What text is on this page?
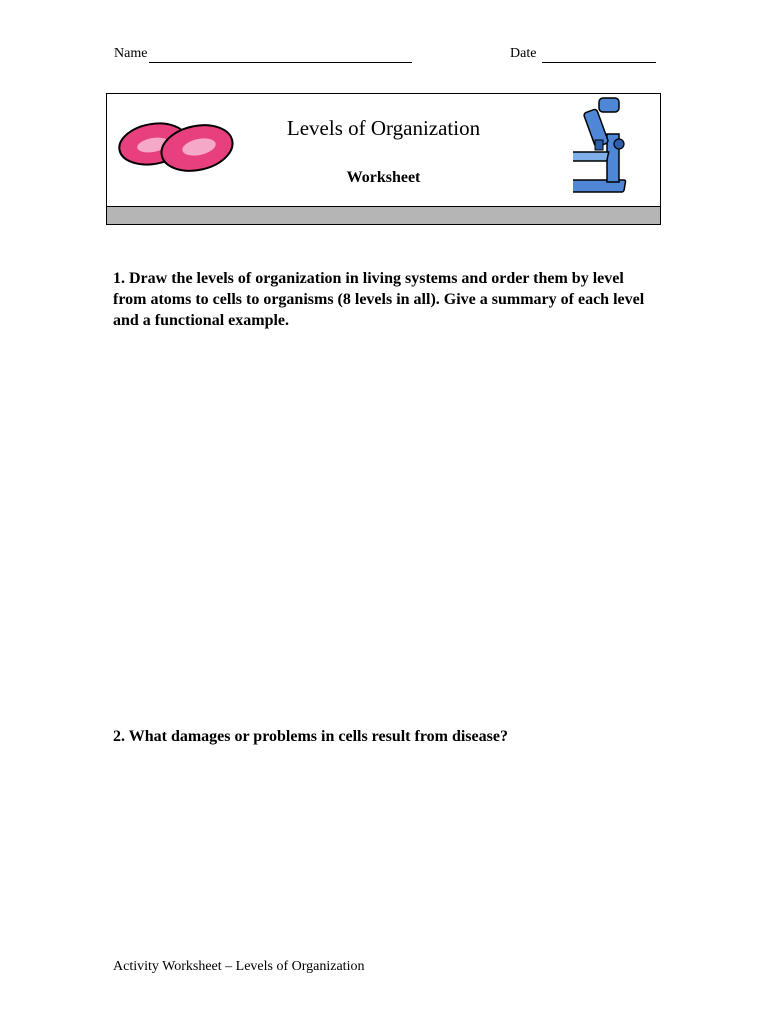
Name	Date
Levels of Organization
Worksheet
1. Draw the levels of organization in living systems and order them by level from atoms to cells to organisms (8 levels in all). Give a summary of each level and a functional example.
2. What damages or problems in cells result from disease?
Activity Worksheet – Levels of Organization
